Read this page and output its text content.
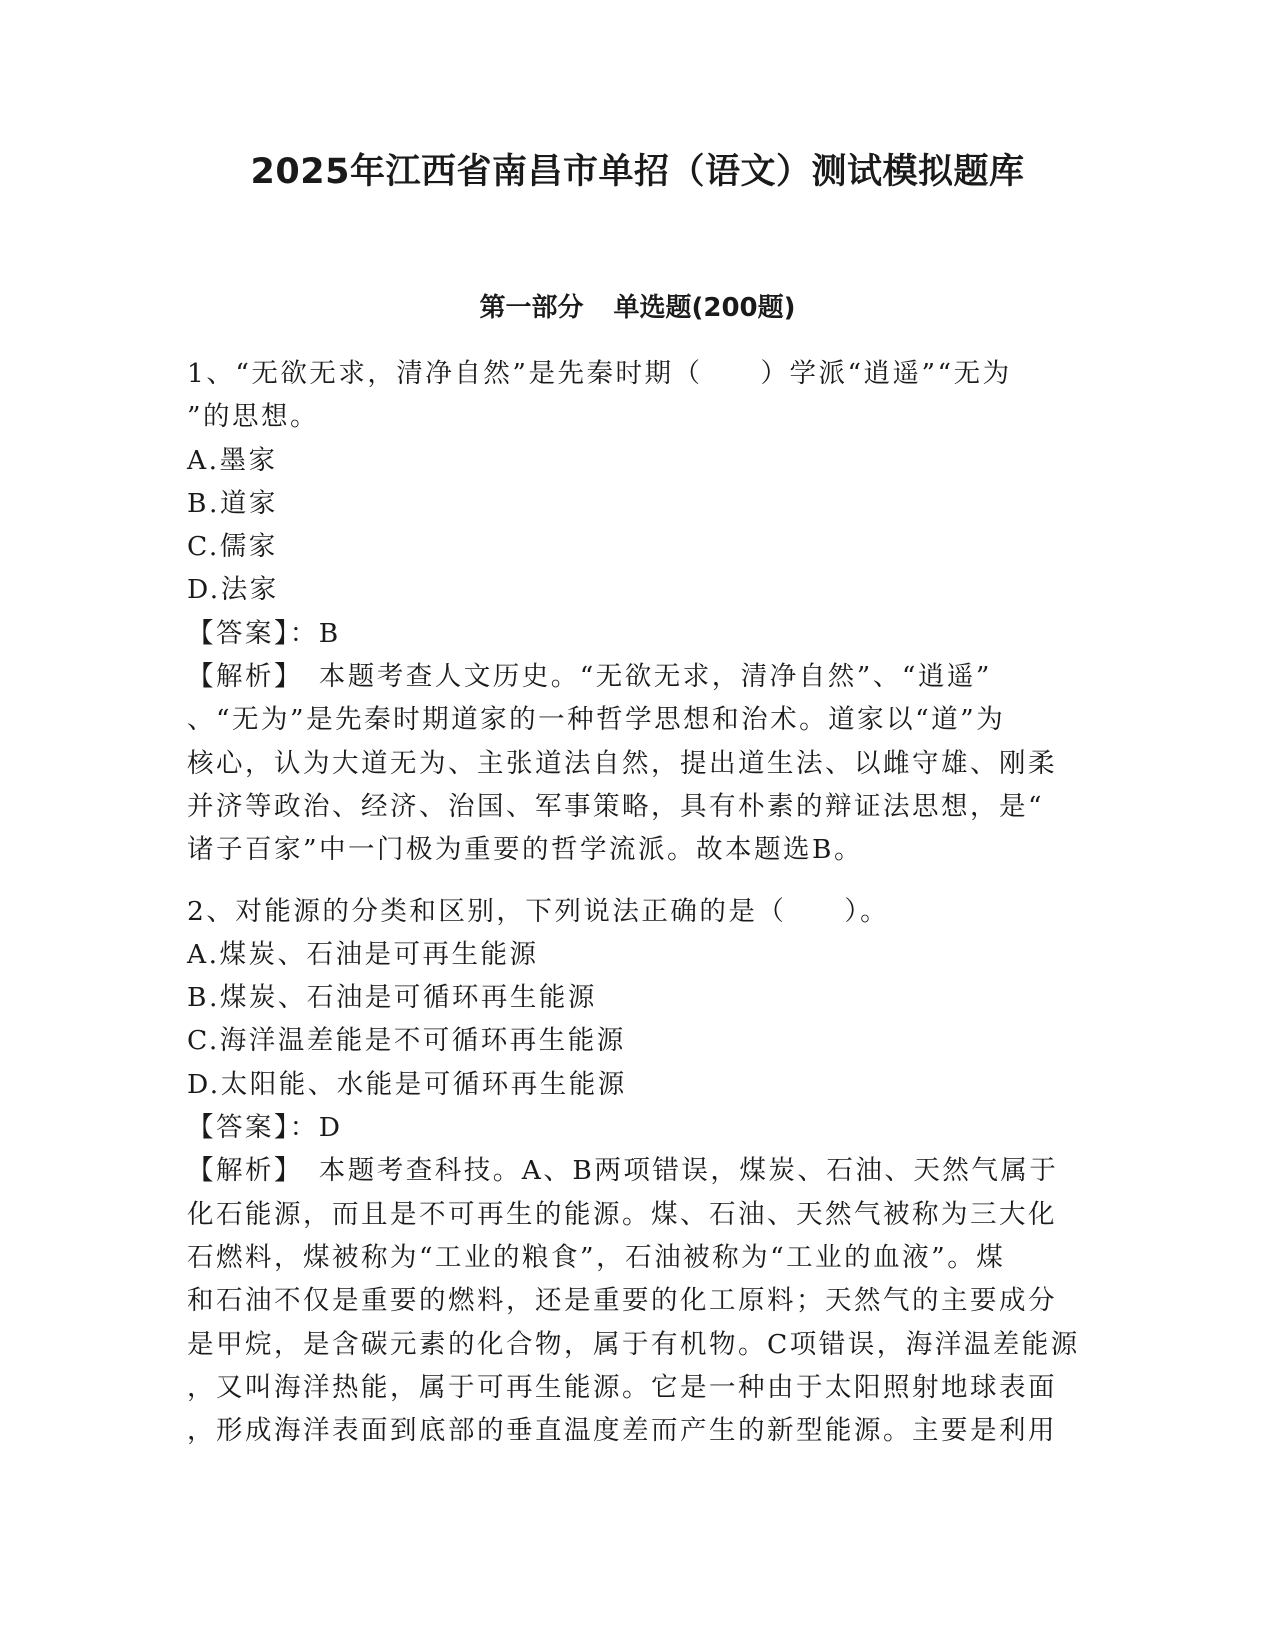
2025年江西省南昌市单招（语文）测试模拟题库
第一部分 单选题(200题)
1、“无欲无求，清净自然”是先秦时期（　　）学派“逍遥”“无为
”的思想。
A.墨家
B.道家
C.儒家
D.法家
【答案】：B
【解析】　本题考查人文历史。“无欲无求，清净自然”、“逍遥”
、“无为”是先秦时期道家的一种哲学思想和治术。道家以“道”为
核心，认为大道无为、主张道法自然，提出道生法、以雌守雄、刚柔
并济等政治、经济、治国、军事策略，具有朴素的辩证法思想，是“
诸子百家”中一门极为重要的哲学流派。故本题选B。
2、对能源的分类和区别，下列说法正确的是（　　）。
A.煤炭、石油是可再生能源
B.煤炭、石油是可循环再生能源
C.海洋温差能是不可循环再生能源
D.太阳能、水能是可循环再生能源
【答案】：D
【解析】　本题考查科技。A、B两项错误，煤炭、石油、天然气属于
化石能源，而且是不可再生的能源。煤、石油、天然气被称为三大化
石燃料，煤被称为“工业的粮食”，石油被称为“工业的血液”。煤
和石油不仅是重要的燃料，还是重要的化工原料；天然气的主要成分
是甲烷，是含碳元素的化合物，属于有机物。C项错误，海洋温差能源
，又叫海洋热能，属于可再生能源。它是一种由于太阳照射地球表面
，形成海洋表面到底部的垂直温度差而产生的新型能源。主要是利用
